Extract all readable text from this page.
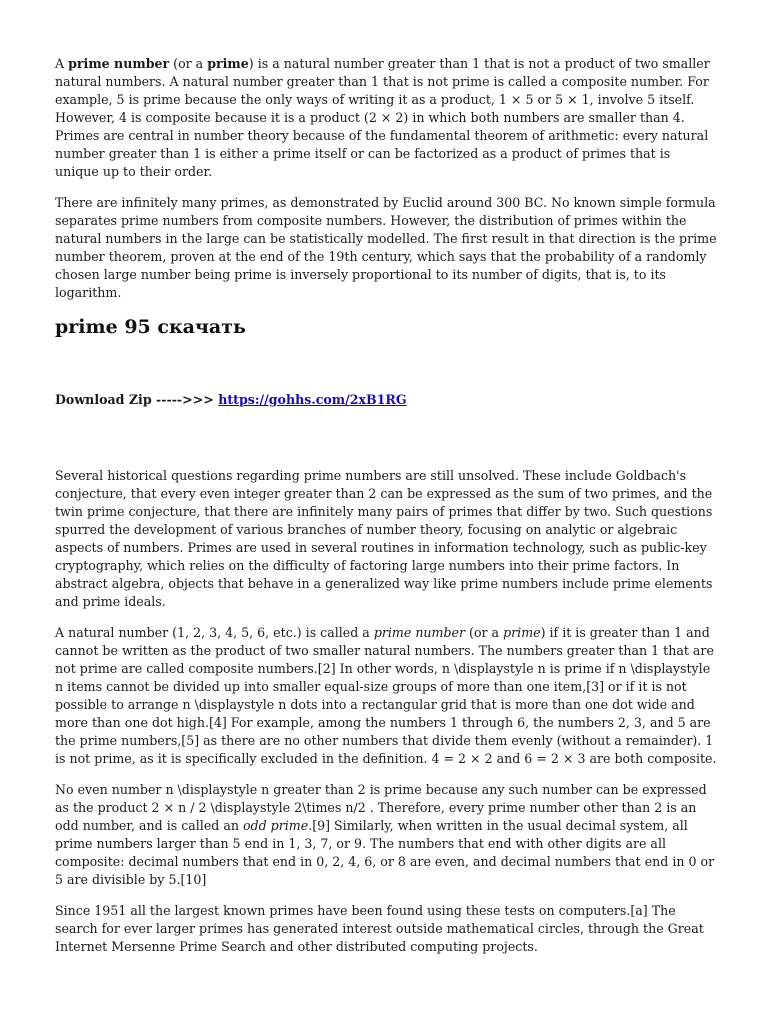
A prime number (or a prime) is a natural number greater than 1 that is not a product of two smaller natural numbers. A natural number greater than 1 that is not prime is called a composite number. For example, 5 is prime because the only ways of writing it as a product, 1 × 5 or 5 × 1, involve 5 itself. However, 4 is composite because it is a product (2 × 2) in which both numbers are smaller than 4. Primes are central in number theory because of the fundamental theorem of arithmetic: every natural number greater than 1 is either a prime itself or can be factorized as a product of primes that is unique up to their order.

There are infinitely many primes, as demonstrated by Euclid around 300 BC. No known simple formula separates prime numbers from composite numbers. However, the distribution of primes within the natural numbers in the large can be statistically modelled. The first result in that direction is the prime number theorem, proven at the end of the 19th century, which says that the probability of a randomly chosen large number being prime is inversely proportional to its number of digits, that is, to its logarithm.

prime 95 скачать

Download Zip ----->>> https://gohhs.com/2xB1RG

Several historical questions regarding prime numbers are still unsolved. These include Goldbach's conjecture, that every even integer greater than 2 can be expressed as the sum of two primes, and the twin prime conjecture, that there are infinitely many pairs of primes that differ by two. Such questions spurred the development of various branches of number theory, focusing on analytic or algebraic aspects of numbers. Primes are used in several routines in information technology, such as public-key cryptography, which relies on the difficulty of factoring large numbers into their prime factors. In abstract algebra, objects that behave in a generalized way like prime numbers include prime elements and prime ideals.

A natural number (1, 2, 3, 4, 5, 6, etc.) is called a prime number (or a prime) if it is greater than 1 and cannot be written as the product of two smaller natural numbers. The numbers greater than 1 that are not prime are called composite numbers.[2] In other words, n \displaystyle n is prime if n \displaystyle n items cannot be divided up into smaller equal-size groups of more than one item,[3] or if it is not possible to arrange n \displaystyle n dots into a rectangular grid that is more than one dot wide and more than one dot high.[4] For example, among the numbers 1 through 6, the numbers 2, 3, and 5 are the prime numbers,[5] as there are no other numbers that divide them evenly (without a remainder). 1 is not prime, as it is specifically excluded in the definition. 4 = 2 × 2 and 6 = 2 × 3 are both composite.

No even number n \displaystyle n greater than 2 is prime because any such number can be expressed as the product 2 × n / 2 \displaystyle 2\times n/2 . Therefore, every prime number other than 2 is an odd number, and is called an odd prime.[9] Similarly, when written in the usual decimal system, all prime numbers larger than 5 end in 1, 3, 7, or 9. The numbers that end with other digits are all composite: decimal numbers that end in 0, 2, 4, 6, or 8 are even, and decimal numbers that end in 0 or 5 are divisible by 5.[10]

Since 1951 all the largest known primes have been found using these tests on computers.[a] The search for ever larger primes has generated interest outside mathematical circles, through the Great Internet Mersenne Prime Search and other distributed computing projects.
